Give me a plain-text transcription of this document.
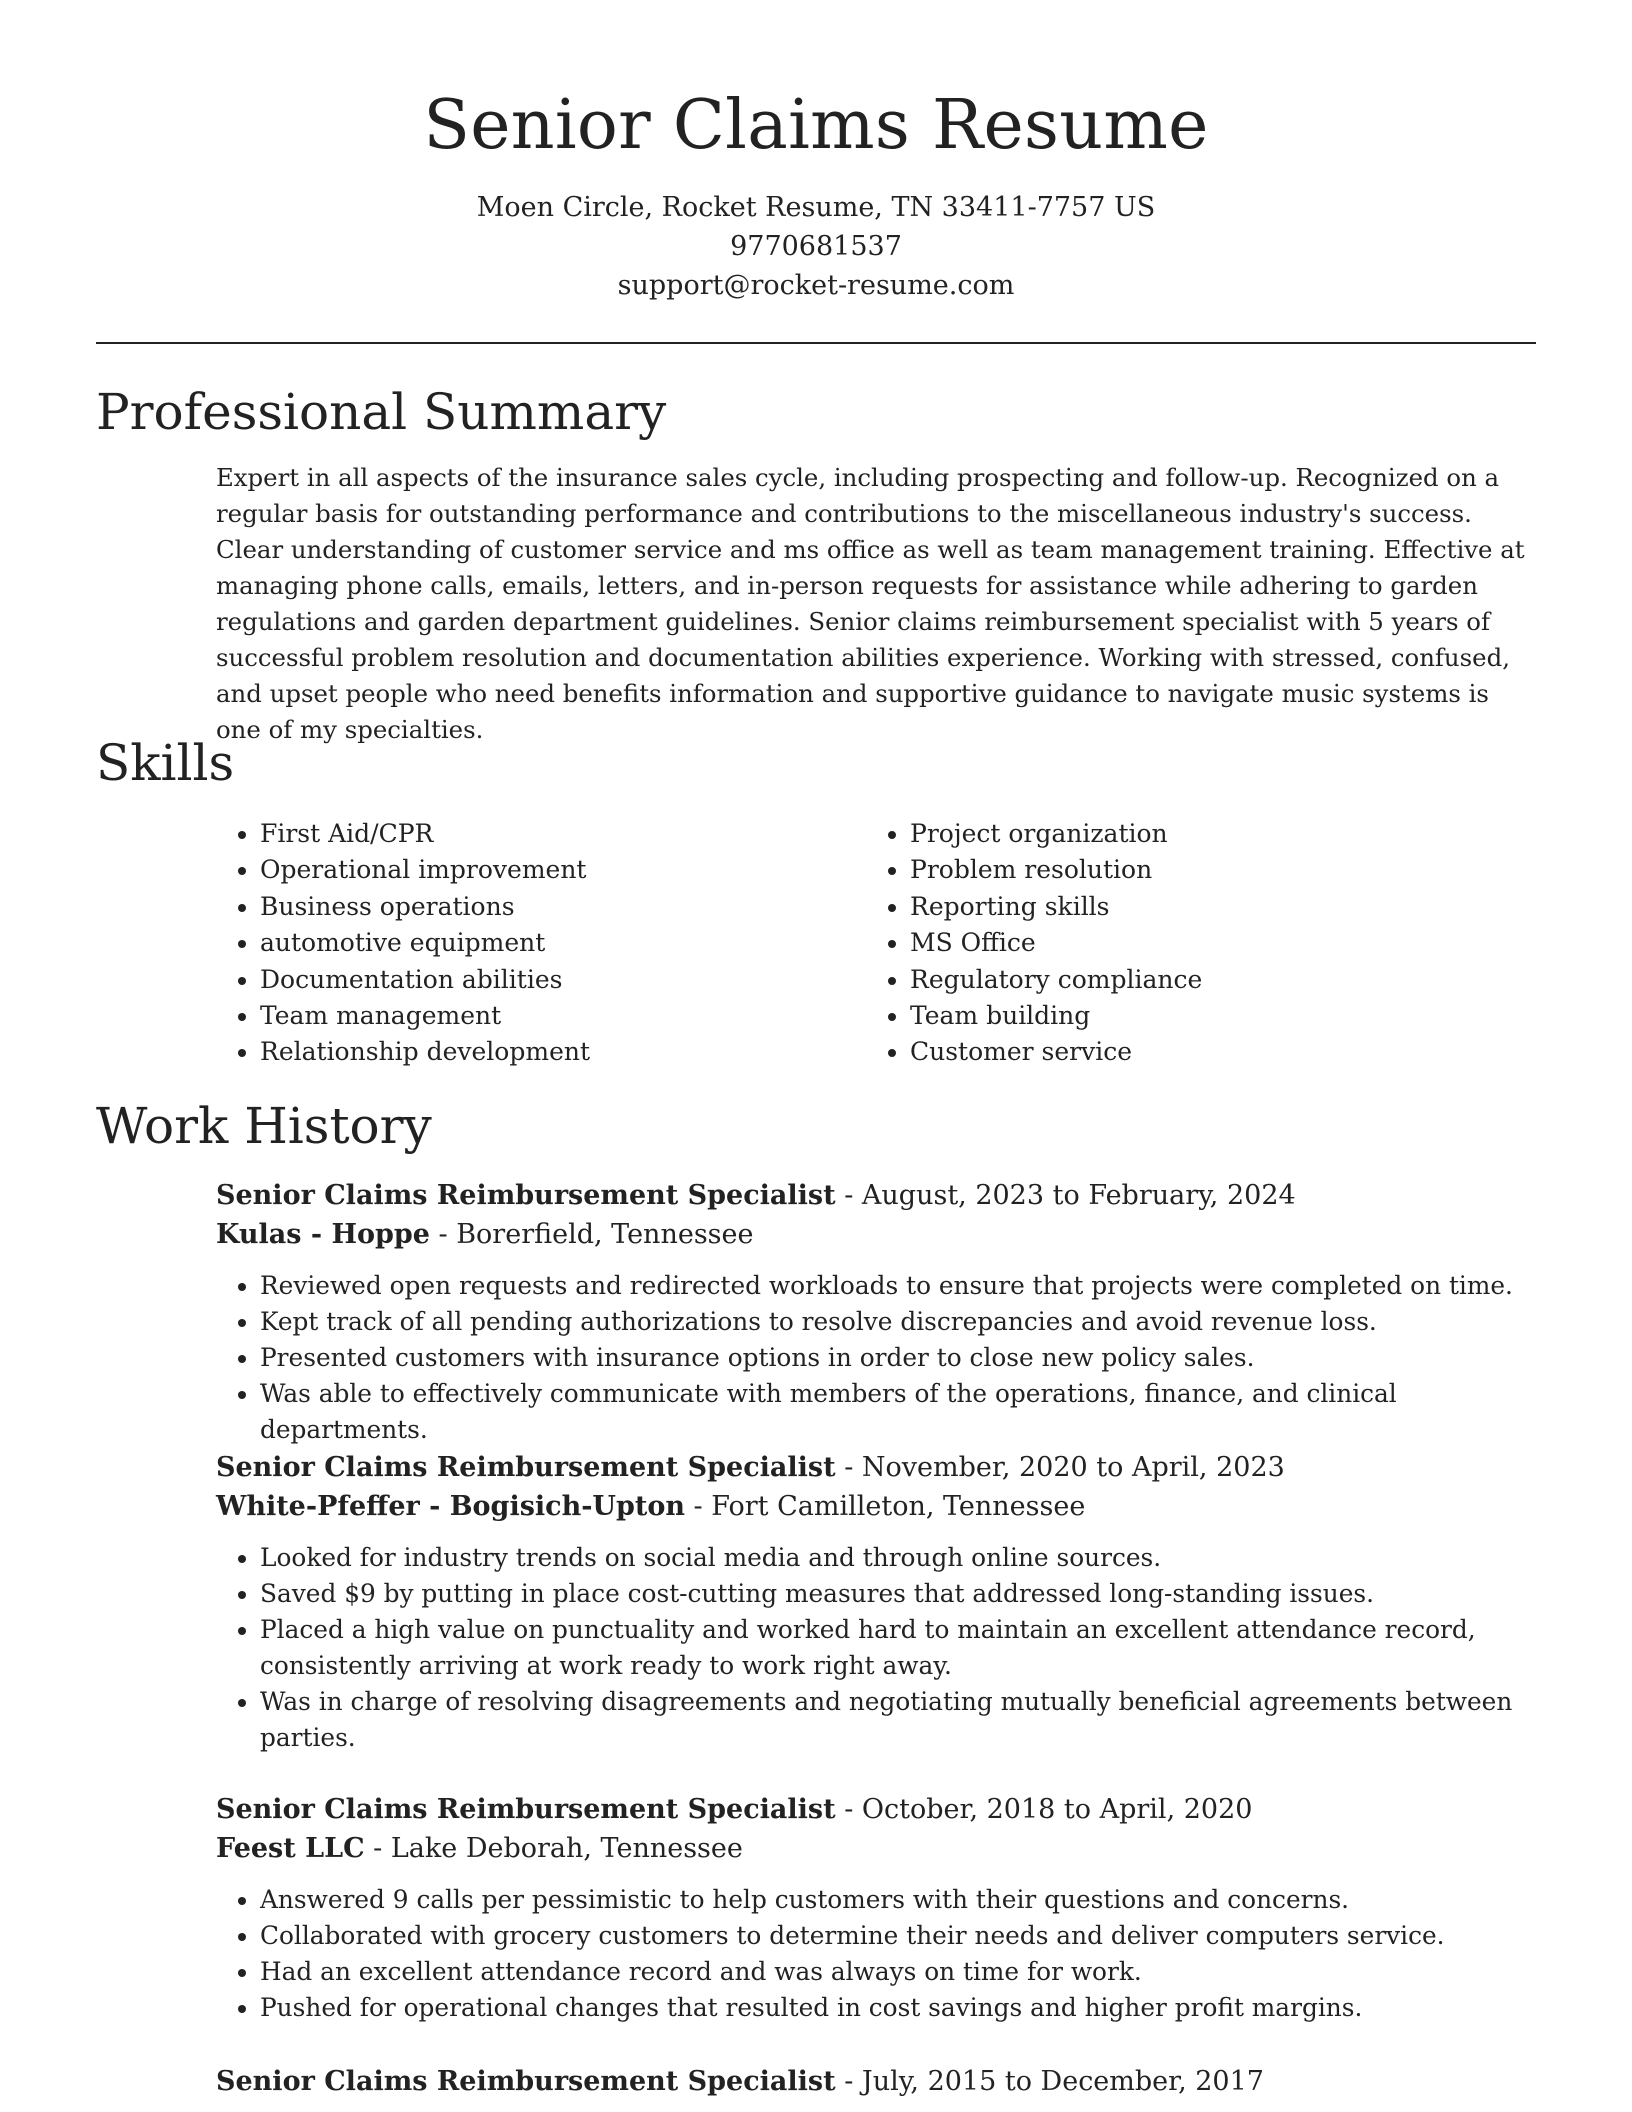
Senior Claims Resume
Moen Circle, Rocket Resume, TN 33411-7757 US
9770681537
support@rocket-resume.com
Professional Summary

Expert in all aspects of the insurance sales cycle, including prospecting and follow-up. Recognized on a regular basis for outstanding performance and contributions to the miscellaneous industry's success. Clear understanding of customer service and ms office as well as team management training. Effective at managing phone calls, emails, letters, and in-person requests for assistance while adhering to garden regulations and garden department guidelines. Senior claims reimbursement specialist with 5 years of successful problem resolution and documentation abilities experience. Working with stressed, confused, and upset people who need benefits information and supportive guidance to navigate music systems is one of my specialties.

Skills
• First Aid/CPR
• Operational improvement
• Business operations
• automotive equipment
• Documentation abilities
• Team management
• Relationship development
• Project organization
• Problem resolution
• Reporting skills
• MS Office
• Regulatory compliance
• Team building
• Customer service
Work History
Senior Claims Reimbursement Specialist - August, 2023 to February, 2024
Kulas - Hoppe - Borerfield, Tennessee
• Reviewed open requests and redirected workloads to ensure that projects were completed on time.
• Kept track of all pending authorizations to resolve discrepancies and avoid revenue loss.
• Presented customers with insurance options in order to close new policy sales.
• Was able to effectively communicate with members of the operations, finance, and clinical departments.
Senior Claims Reimbursement Specialist - November, 2020 to April, 2023
White-Pfeffer - Bogisich-Upton - Fort Camilleton, Tennessee
• Looked for industry trends on social media and through online sources.
• Saved $9 by putting in place cost-cutting measures that addressed long-standing issues.
• Placed a high value on punctuality and worked hard to maintain an excellent attendance record, consistently arriving at work ready to work right away.
• Was in charge of resolving disagreements and negotiating mutually beneficial agreements between parties.
Senior Claims Reimbursement Specialist - October, 2018 to April, 2020
Feest LLC - Lake Deborah, Tennessee
• Answered 9 calls per pessimistic to help customers with their questions and concerns.
• Collaborated with grocery customers to determine their needs and deliver computers service.
• Had an excellent attendance record and was always on time for work.
• Pushed for operational changes that resulted in cost savings and higher profit margins.
Senior Claims Reimbursement Specialist - July, 2015 to December, 2017
